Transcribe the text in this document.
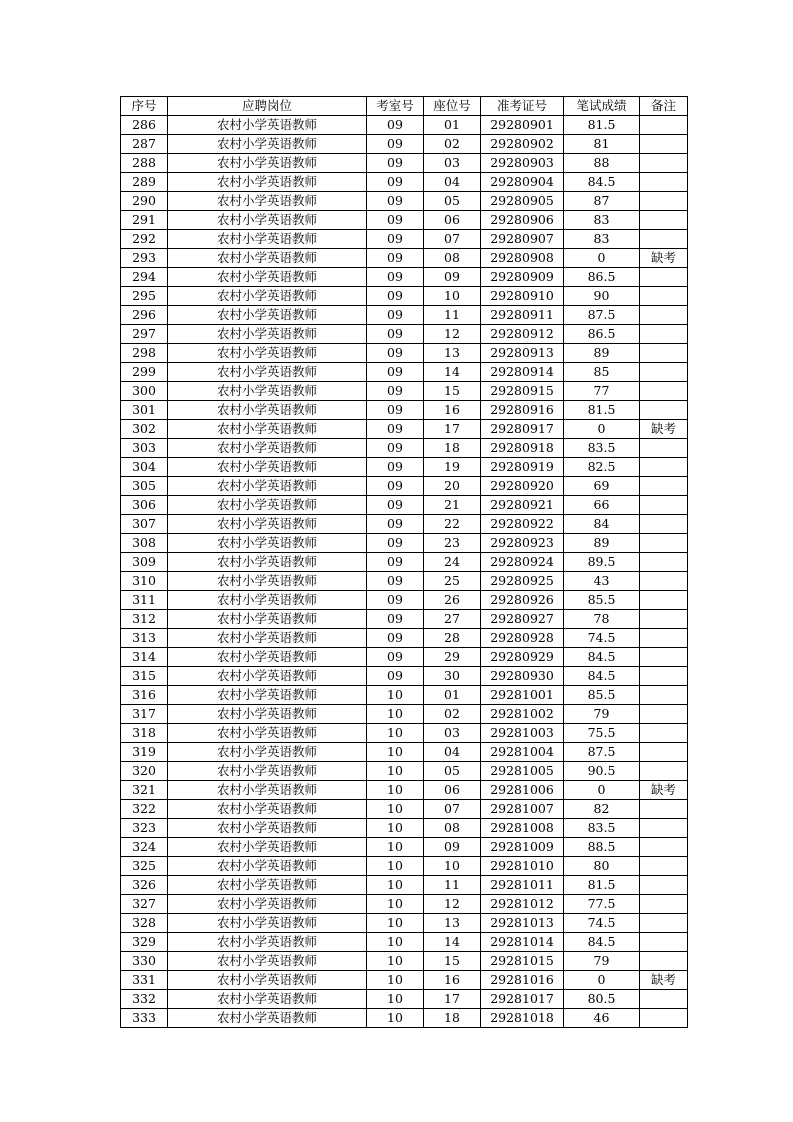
序号	应聘岗位	考室号	座位号	准考证号	笔试成绩	备注
286	农村小学英语教师	09	01	29280901	81.5	
287	农村小学英语教师	09	02	29280902	81	
288	农村小学英语教师	09	03	29280903	88	
289	农村小学英语教师	09	04	29280904	84.5	
290	农村小学英语教师	09	05	29280905	87	
291	农村小学英语教师	09	06	29280906	83	
292	农村小学英语教师	09	07	29280907	83	
293	农村小学英语教师	09	08	29280908	0	缺考
294	农村小学英语教师	09	09	29280909	86.5	
295	农村小学英语教师	09	10	29280910	90	
296	农村小学英语教师	09	11	29280911	87.5	
297	农村小学英语教师	09	12	29280912	86.5	
298	农村小学英语教师	09	13	29280913	89	
299	农村小学英语教师	09	14	29280914	85	
300	农村小学英语教师	09	15	29280915	77	
301	农村小学英语教师	09	16	29280916	81.5	
302	农村小学英语教师	09	17	29280917	0	缺考
303	农村小学英语教师	09	18	29280918	83.5	
304	农村小学英语教师	09	19	29280919	82.5	
305	农村小学英语教师	09	20	29280920	69	
306	农村小学英语教师	09	21	29280921	66	
307	农村小学英语教师	09	22	29280922	84	
308	农村小学英语教师	09	23	29280923	89	
309	农村小学英语教师	09	24	29280924	89.5	
310	农村小学英语教师	09	25	29280925	43	
311	农村小学英语教师	09	26	29280926	85.5	
312	农村小学英语教师	09	27	29280927	78	
313	农村小学英语教师	09	28	29280928	74.5	
314	农村小学英语教师	09	29	29280929	84.5	
315	农村小学英语教师	09	30	29280930	84.5	
316	农村小学英语教师	10	01	29281001	85.5	
317	农村小学英语教师	10	02	29281002	79	
318	农村小学英语教师	10	03	29281003	75.5	
319	农村小学英语教师	10	04	29281004	87.5	
320	农村小学英语教师	10	05	29281005	90.5	
321	农村小学英语教师	10	06	29281006	0	缺考
322	农村小学英语教师	10	07	29281007	82	
323	农村小学英语教师	10	08	29281008	83.5	
324	农村小学英语教师	10	09	29281009	88.5	
325	农村小学英语教师	10	10	29281010	80	
326	农村小学英语教师	10	11	29281011	81.5	
327	农村小学英语教师	10	12	29281012	77.5	
328	农村小学英语教师	10	13	29281013	74.5	
329	农村小学英语教师	10	14	29281014	84.5	
330	农村小学英语教师	10	15	29281015	79	
331	农村小学英语教师	10	16	29281016	0	缺考
332	农村小学英语教师	10	17	29281017	80.5	
333	农村小学英语教师	10	18	29281018	46	
